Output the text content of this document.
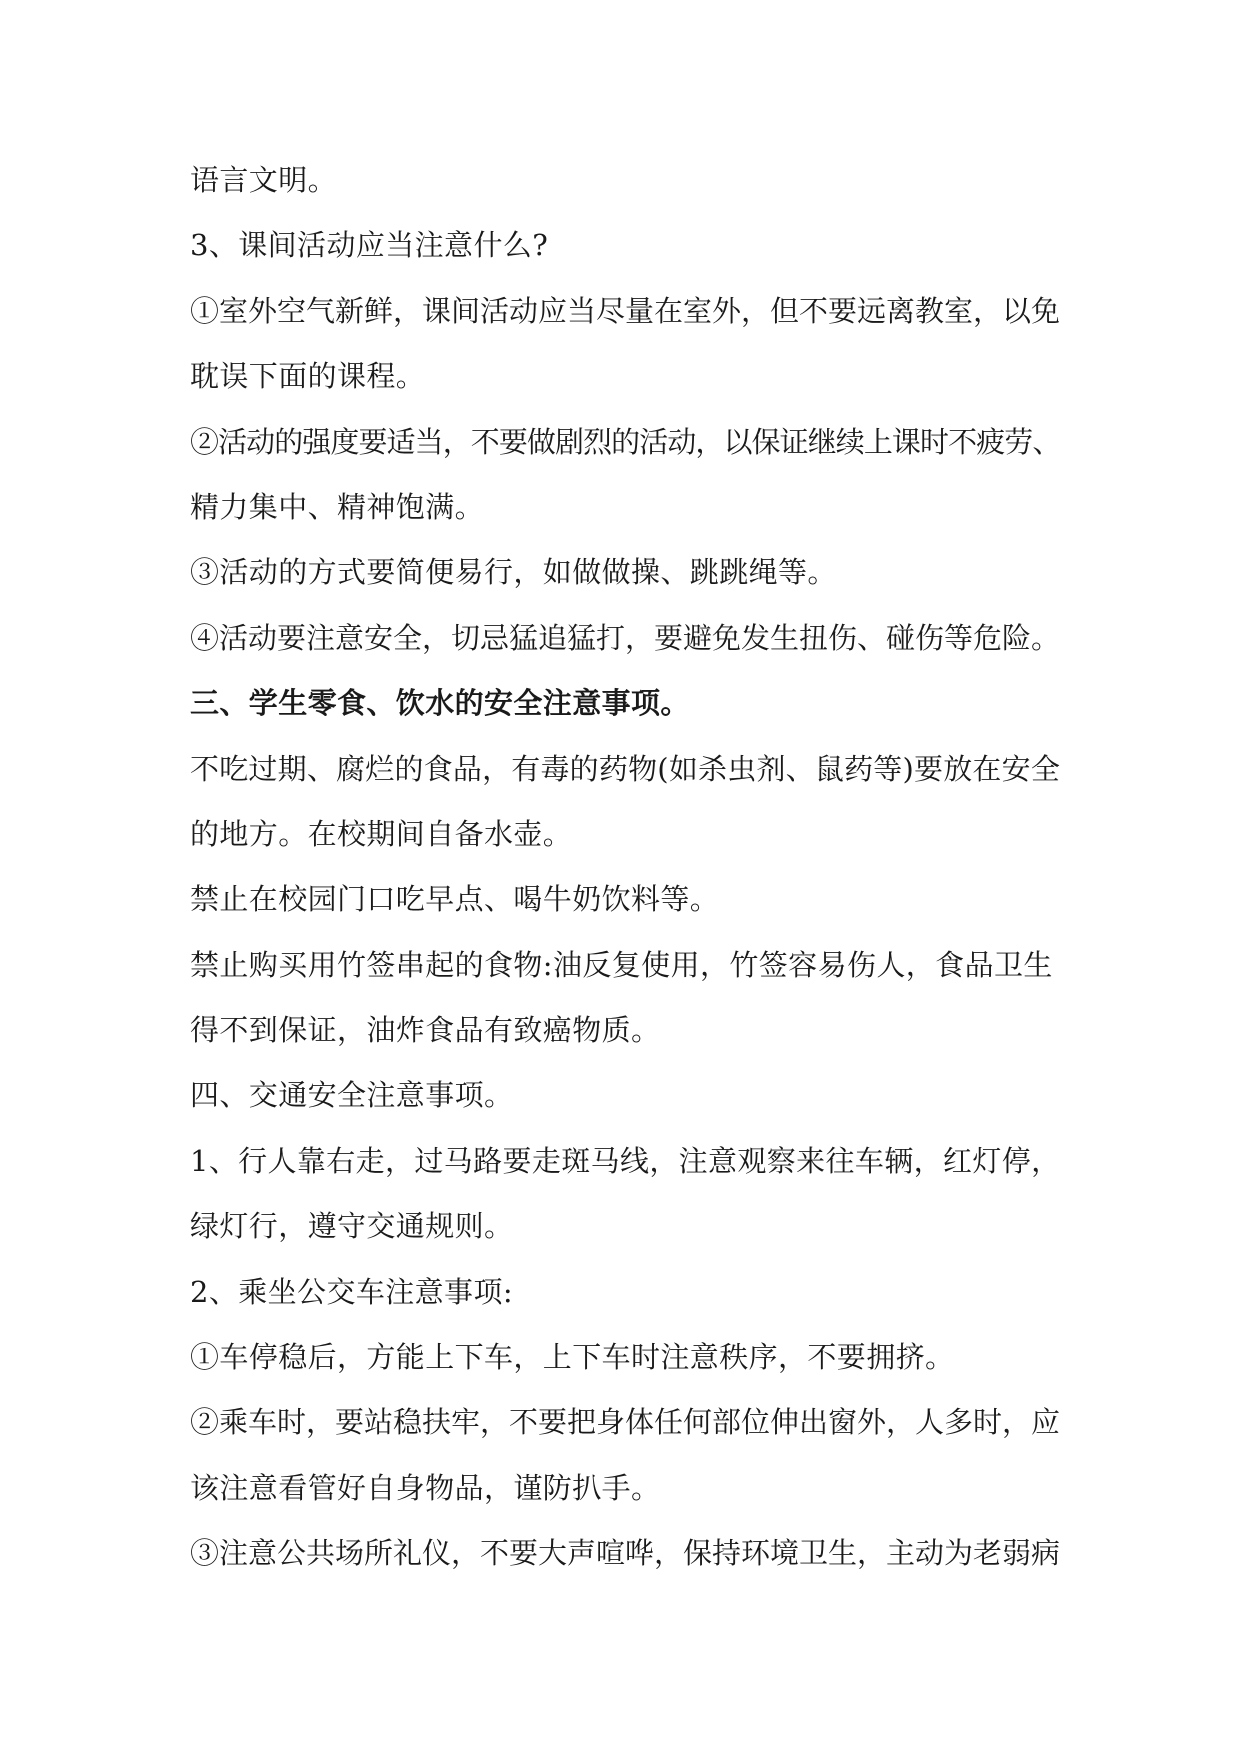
语言文明。
3、课间活动应当注意什么?
①室外空气新鲜，课间活动应当尽量在室外，但不要远离教室，以免
耽误下面的课程。
②活动的强度要适当，不要做剧烈的活动，以保证继续上课时不疲劳、
精力集中、精神饱满。
③活动的方式要简便易行，如做做操、跳跳绳等。
④活动要注意安全，切忌猛追猛打，要避免发生扭伤、碰伤等危险。
三、学生零食、饮水的安全注意事项。
不吃过期、腐烂的食品，有毒的药物(如杀虫剂、鼠药等)要放在安全
的地方。在校期间自备水壶。
禁止在校园门口吃早点、喝牛奶饮料等。
禁止购买用竹签串起的食物:油反复使用，竹签容易伤人，食品卫生
得不到保证，油炸食品有致癌物质。
四、交通安全注意事项。
1、行人靠右走，过马路要走斑马线，注意观察来往车辆，红灯停，
绿灯行，遵守交通规则。
2、乘坐公交车注意事项:
①车停稳后，方能上下车，上下车时注意秩序，不要拥挤。
②乘车时，要站稳扶牢，不要把身体任何部位伸出窗外，人多时，应
该注意看管好自身物品，谨防扒手。
③注意公共场所礼仪，不要大声喧哗，保持环境卫生，主动为老弱病
